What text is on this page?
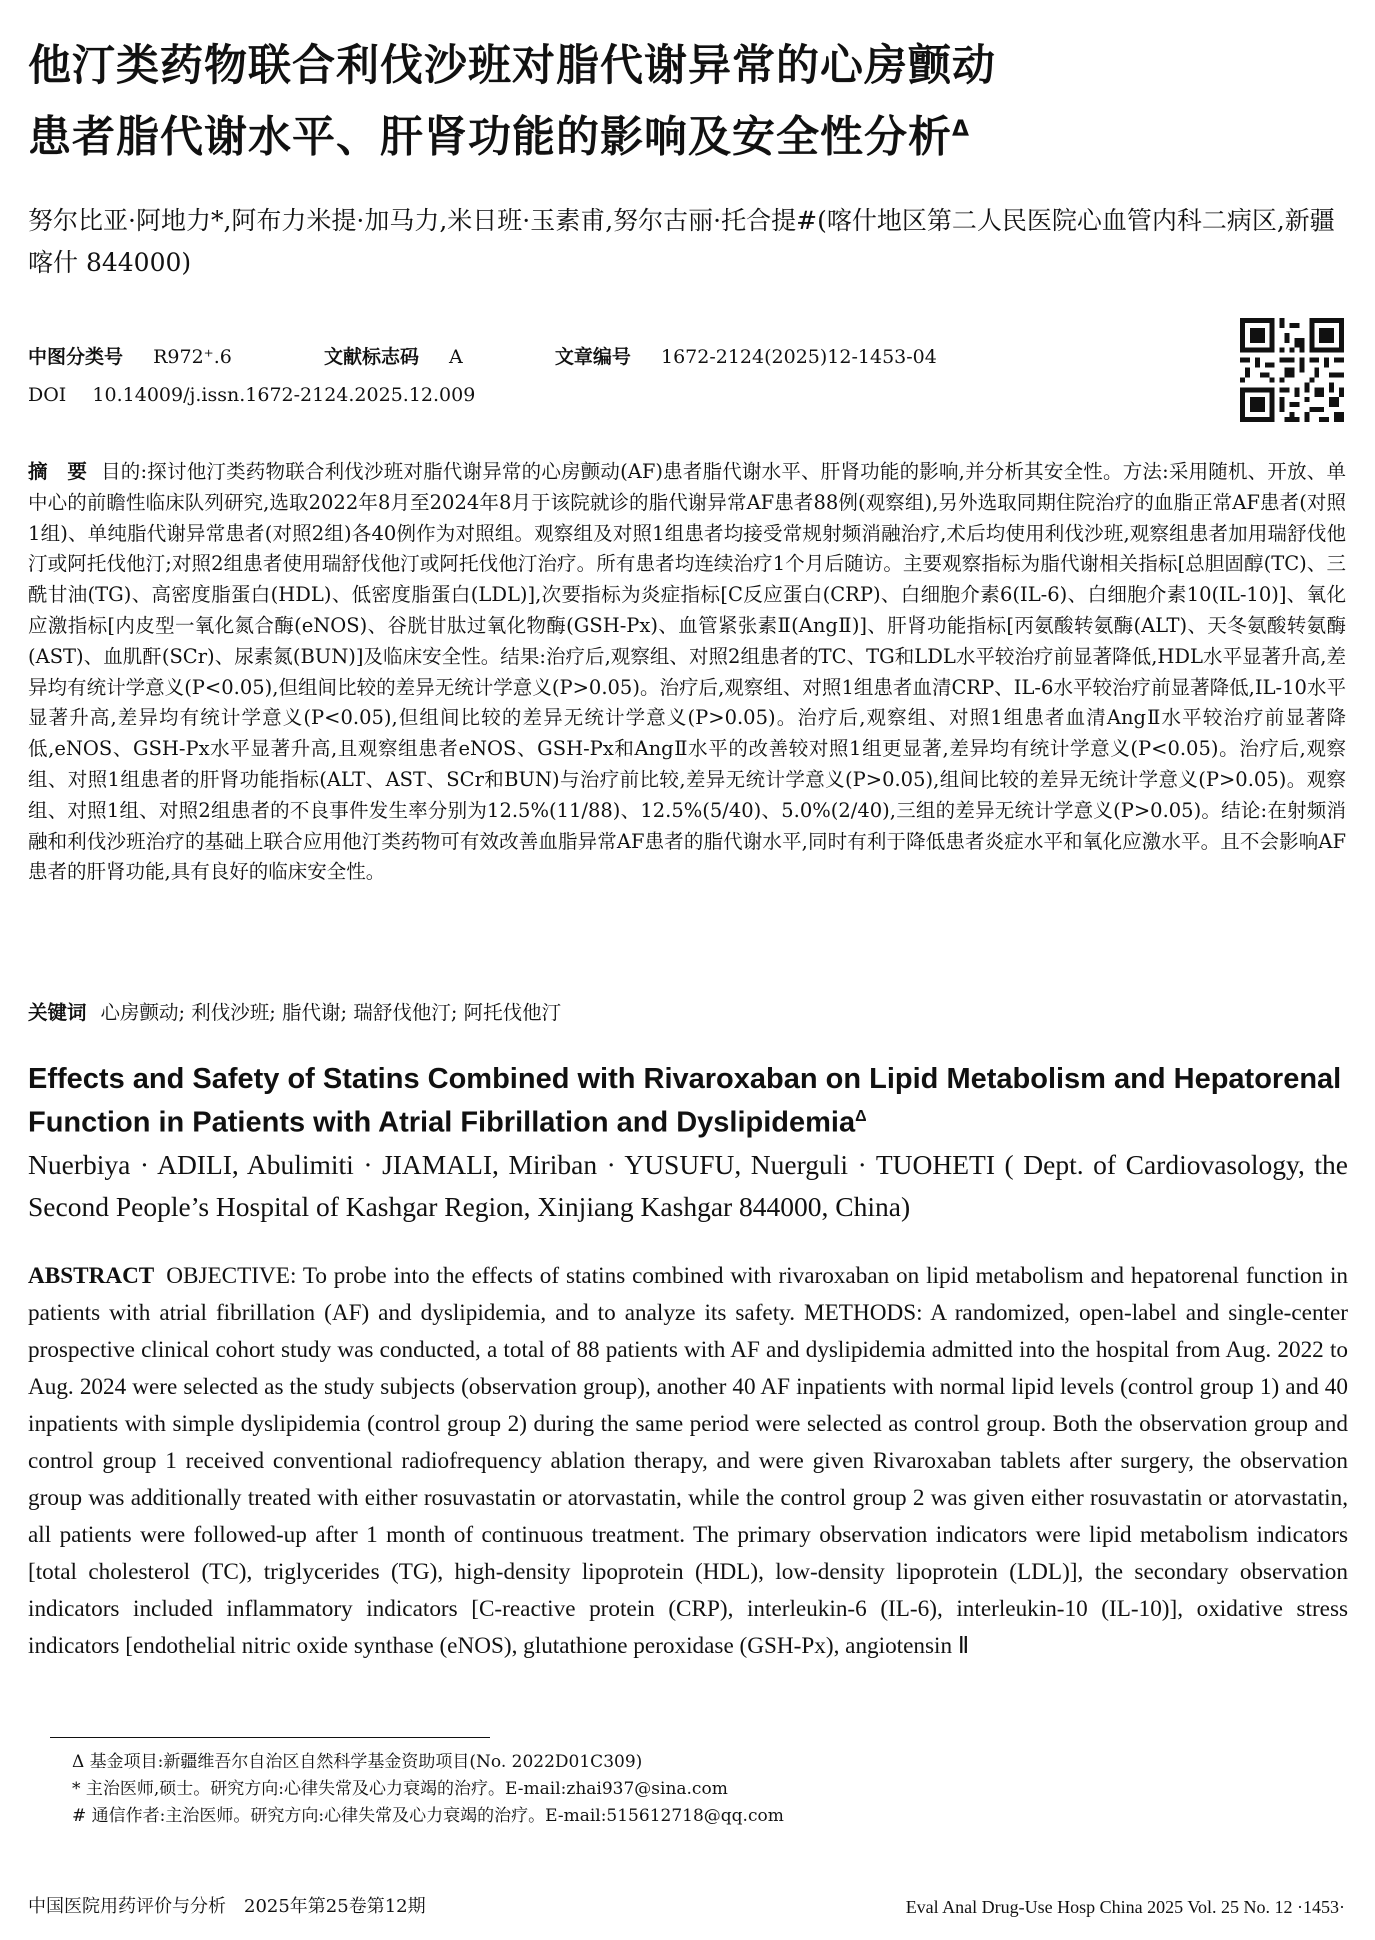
他汀类药物联合利伐沙班对脂代谢异常的心房颤动
患者脂代谢水平、肝肾功能的影响及安全性分析$^\Delta$
努尔比亚·阿地力*,阿布力米提·加马力,米日班·玉素甫,努尔古丽·托合提#(喀什地区第二人民医院心血管内科二病区,新疆 喀什 844000)
中图分类号 R972⁺.6	文献标志码 A	文章编号 1672-2124(2025)12-1453-04
DOI 10.14009/j.issn.1672-2124.2025.12.009
摘　要 目的:探讨他汀类药物联合利伐沙班对脂代谢异常的心房颤动(AF)患者脂代谢水平、肝肾功能的影响,并分析其安全性。方法:采用随机、开放、单中心的前瞻性临床队列研究,选取2022年8月至2024年8月于该院就诊的脂代谢异常AF患者88例(观察组),另外选取同期住院治疗的血脂正常AF患者(对照1组)、单纯脂代谢异常患者(对照2组)各40例作为对照组。观察组及对照1组患者均接受常规射频消融治疗,术后均使用利伐沙班,观察组患者加用瑞舒伐他汀或阿托伐他汀;对照2组患者使用瑞舒伐他汀或阿托伐他汀治疗。所有患者均连续治疗1个月后随访。主要观察指标为脂代谢相关指标[总胆固醇(TC)、三酰甘油(TG)、高密度脂蛋白(HDL)、低密度脂蛋白(LDL)],次要指标为炎症指标[C反应蛋白(CRP)、白细胞介素6(IL-6)、白细胞介素10(IL-10)]、氧化应激指标[内皮型一氧化氮合酶(eNOS)、谷胱甘肽过氧化物酶(GSH-Px)、血管紧张素Ⅱ(AngⅡ)]、肝肾功能指标[丙氨酸转氨酶(ALT)、天冬氨酸转氨酶(AST)、血肌酐(SCr)、尿素氮(BUN)]及临床安全性。结果:治疗后,观察组、对照2组患者的TC、TG和LDL水平较治疗前显著降低,HDL水平显著升高,差异均有统计学意义(P<0.05),但组间比较的差异无统计学意义(P>0.05)。治疗后,观察组、对照1组患者血清CRP、IL-6水平较治疗前显著降低,IL-10水平显著升高,差异均有统计学意义(P<0.05),但组间比较的差异无统计学意义(P>0.05)。治疗后,观察组、对照1组患者血清AngⅡ水平较治疗前显著降低,eNOS、GSH-Px水平显著升高,且观察组患者eNOS、GSH-Px和AngⅡ水平的改善较对照1组更显著,差异均有统计学意义(P<0.05)。治疗后,观察组、对照1组患者的肝肾功能指标(ALT、AST、SCr和BUN)与治疗前比较,差异无统计学意义(P>0.05),组间比较的差异无统计学意义(P>0.05)。观察组、对照1组、对照2组患者的不良事件发生率分别为12.5%(11/88)、12.5%(5/40)、5.0%(2/40),三组的差异无统计学意义(P>0.05)。结论:在射频消融和利伐沙班治疗的基础上联合应用他汀类药物可有效改善血脂异常AF患者的脂代谢水平,同时有利于降低患者炎症水平和氧化应激水平。且不会影响AF患者的肝肾功能,具有良好的临床安全性。
关键词 心房颤动; 利伐沙班; 脂代谢; 瑞舒伐他汀; 阿托伐他汀
Effects and Safety of Statins Combined with Rivaroxaban on Lipid Metabolism and Hepatorenal Function in Patients with Atrial Fibrillation and Dyslipidemia$^\Delta$
Nuerbiya · ADILI, Abulimiti · JIAMALI, Miriban · YUSUFU, Nuerguli · TUOHETI ( Dept. of Cardiovasology, the Second People’s Hospital of Kashgar Region, Xinjiang Kashgar 844000, China)
ABSTRACT OBJECTIVE: To probe into the effects of statins combined with rivaroxaban on lipid metabolism and hepatorenal function in patients with atrial fibrillation (AF) and dyslipidemia, and to analyze its safety. METHODS: A randomized, open-label and single-center prospective clinical cohort study was conducted, a total of 88 patients with AF and dyslipidemia admitted into the hospital from Aug. 2022 to Aug. 2024 were selected as the study subjects (observation group), another 40 AF inpatients with normal lipid levels (control group 1) and 40 inpatients with simple dyslipidemia (control group 2) during the same period were selected as control group. Both the observation group and control group 1 received conventional radiofrequency ablation therapy, and were given Rivaroxaban tablets after surgery, the observation group was additionally treated with either rosuvastatin or atorvastatin, while the control group 2 was given either rosuvastatin or atorvastatin, all patients were followed-up after 1 month of continuous treatment. The primary observation indicators were lipid metabolism indicators [total cholesterol (TC), triglycerides (TG), high-density lipoprotein (HDL), low-density lipoprotein (LDL)], the secondary observation indicators included inflammatory indicators [C-reactive protein (CRP), interleukin-6 (IL-6), interleukin-10 (IL-10)], oxidative stress indicators [endothelial nitric oxide synthase (eNOS), glutathione peroxidase (GSH-Px), angiotensin Ⅱ
Δ 基金项目:新疆维吾尔自治区自然科学基金资助项目(No. 2022D01C309)
* 主治医师,硕士。研究方向:心律失常及心力衰竭的治疗。E-mail:zhai937@sina.com
# 通信作者:主治医师。研究方向:心律失常及心力衰竭的治疗。E-mail:515612718@qq.com
中国医院用药评价与分析　2025年第25卷第12期	Eval Anal Drug-Use Hosp China 2025 Vol. 25 No. 12 ·1453·
